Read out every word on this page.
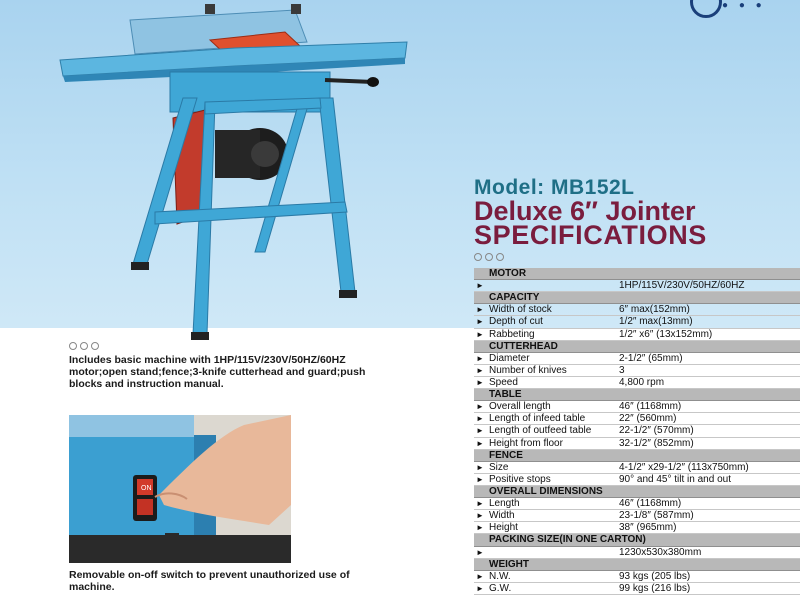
● ● ●
Model: MB152L
Deluxe 6″ Jointer
SPECIFICATIONS
Includes basic machine with 1HP/115V/230V/50HZ/60HZ motor;open stand;fence;3-knife cutterhead and guard;push blocks and instruction manual.
ON
Removable on-off switch to prevent unauthorized use of machine.
MOTOR
►	1HP/115V/230V/50HZ/60HZ
CAPACITY
► Width of stock	6″ max(152mm)
► Depth of cut	1/2″ max(13mm)
► Rabbeting	1/2″ x6″ (13x152mm)
CUTTERHEAD
► Diameter	2-1/2″ (65mm)
► Number of knives	3
► Speed	4,800 rpm
TABLE
► Overall length	46″ (1168mm)
► Length of infeed table	22″ (560mm)
► Length of outfeed table	22-1/2″ (570mm)
► Height from floor	32-1/2″ (852mm)
FENCE
► Size	4-1/2″ x29-1/2″ (113x750mm)
► Positive stops	90° and 45° tilt in and out
OVERALL DIMENSIONS
► Length	46″ (1168mm)
► Width	23-1/8″ (587mm)
► Height	38″ (965mm)
PACKING SIZE(IN ONE CARTON)
►	1230x530x380mm
WEIGHT
► N.W.	93 kgs (205 lbs)
► G.W.	99 kgs (216 lbs)
